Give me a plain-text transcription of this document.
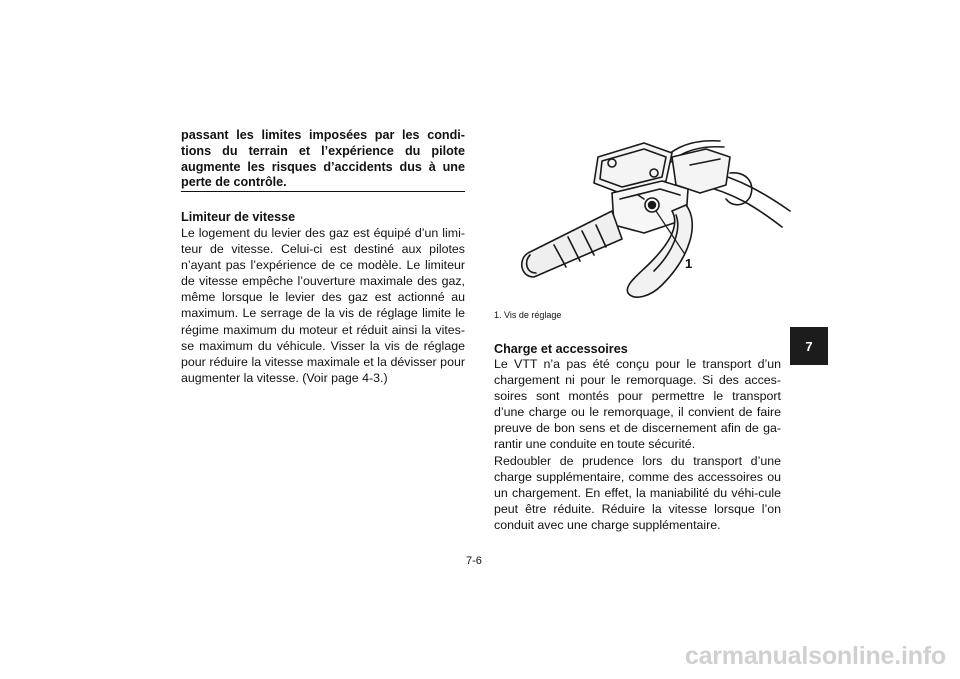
passant les limites imposées par les condi-tions du terrain et l’expérience du pilote augmente les risques d’accidents dus à une perte de contrôle.
Limiteur de vitesse
Le logement du levier des gaz est équipé d’un limi-teur de vitesse. Celui-ci est destiné aux pilotes n’ayant pas l’expérience de ce modèle. Le limiteur de vitesse empêche l’ouverture maximale des gaz, même lorsque le levier des gaz est actionné au maximum. Le serrage de la vis de réglage limite le régime maximum du moteur et réduit ainsi la vites-se maximum du véhicule. Visser la vis de réglage pour réduire la vitesse maximale et la dévisser pour augmenter la vitesse. (Voir page 4-3.)
1
1. Vis de réglage
Charge et accessoires

Le VTT n’a pas été conçu pour le transport d’un chargement ni pour le remorquage. Si des acces-soires sont montés pour permettre le transport d’une charge ou le remorquage, il convient de faire preuve de bon sens et de discernement afin de ga-rantir une conduite en toute sécurité.

Redoubler de prudence lors du transport d’une charge supplémentaire, comme des accessoires ou un chargement. En effet, la maniabilité du véhi-cule peut être réduite. Réduire la vitesse lorsque l’on conduit avec une charge supplémentaire.

7
7-6
carmanualsonline.info
